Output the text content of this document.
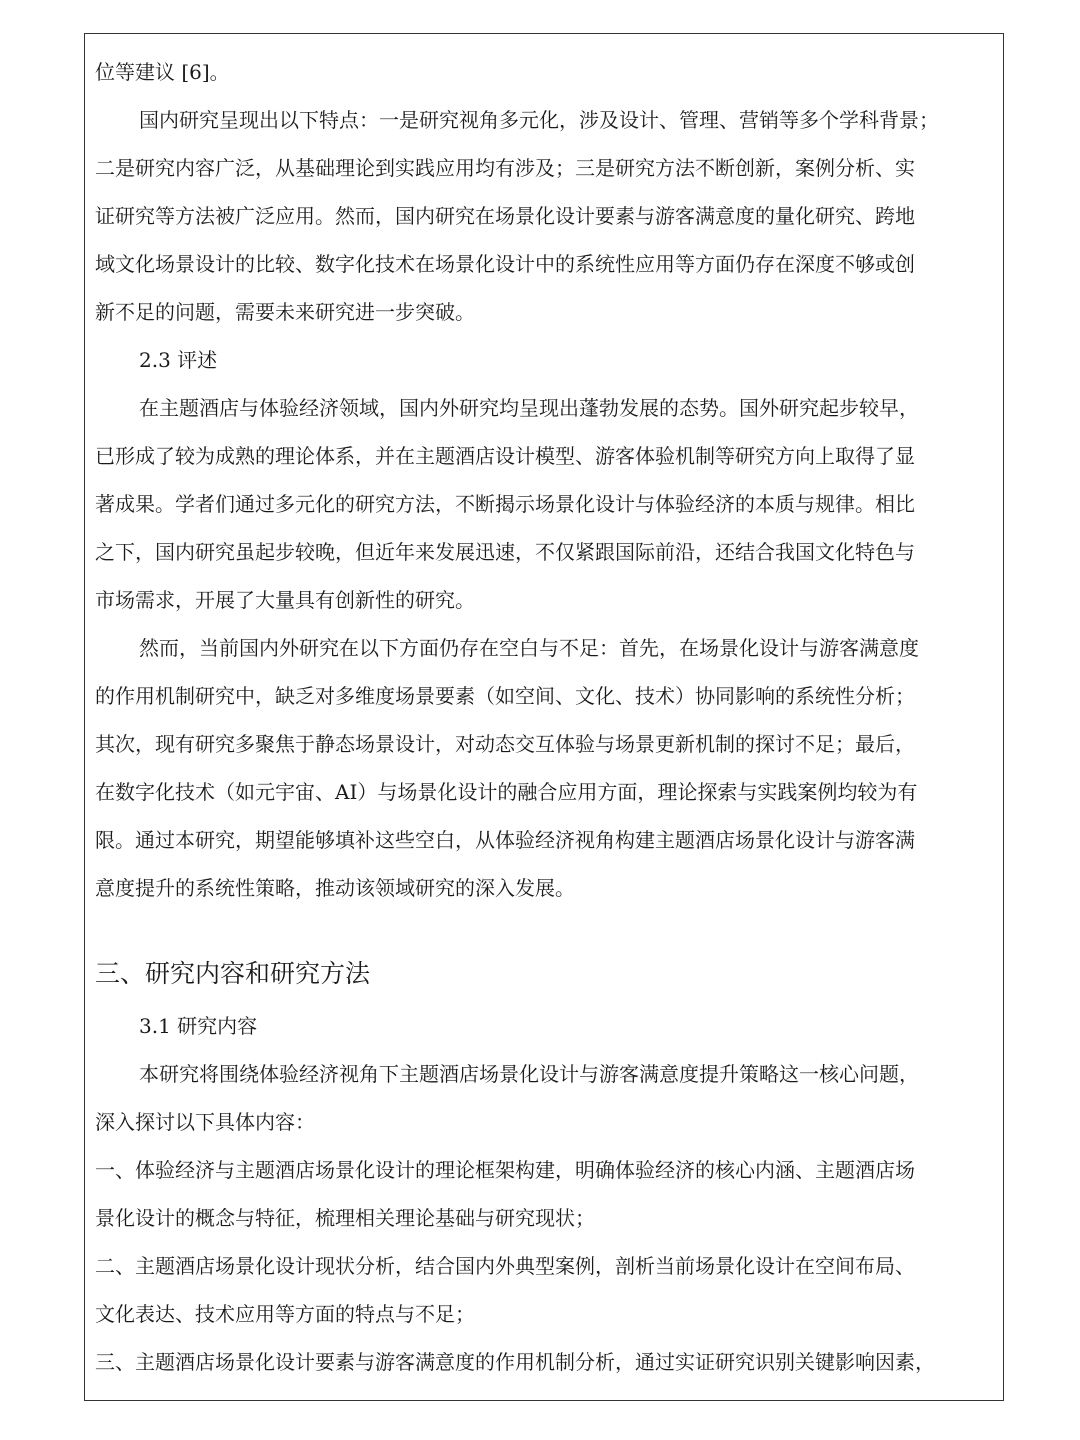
位等建议 [6]。
国内研究呈现出以下特点：一是研究视角多元化，涉及设计、管理、营销等多个学科背景；
二是研究内容广泛，从基础理论到实践应用均有涉及；三是研究方法不断创新，案例分析、实
证研究等方法被广泛应用。然而，国内研究在场景化设计要素与游客满意度的量化研究、跨地
域文化场景设计的比较、数字化技术在场景化设计中的系统性应用等方面仍存在深度不够或创
新不足的问题，需要未来研究进一步突破。
2.3 评述
在主题酒店与体验经济领域，国内外研究均呈现出蓬勃发展的态势。国外研究起步较早，
已形成了较为成熟的理论体系，并在主题酒店设计模型、游客体验机制等研究方向上取得了显
著成果。学者们通过多元化的研究方法，不断揭示场景化设计与体验经济的本质与规律。相比
之下，国内研究虽起步较晚，但近年来发展迅速，不仅紧跟国际前沿，还结合我国文化特色与
市场需求，开展了大量具有创新性的研究。
然而，当前国内外研究在以下方面仍存在空白与不足：首先，在场景化设计与游客满意度
的作用机制研究中，缺乏对多维度场景要素（如空间、文化、技术）协同影响的系统性分析；
其次，现有研究多聚焦于静态场景设计，对动态交互体验与场景更新机制的探讨不足；最后，
在数字化技术（如元宇宙、AI）与场景化设计的融合应用方面，理论探索与实践案例均较为有
限。通过本研究，期望能够填补这些空白，从体验经济视角构建主题酒店场景化设计与游客满
意度提升的系统性策略，推动该领域研究的深入发展。
三、研究内容和研究方法
3.1 研究内容
本研究将围绕体验经济视角下主题酒店场景化设计与游客满意度提升策略这一核心问题，
深入探讨以下具体内容：
一、体验经济与主题酒店场景化设计的理论框架构建，明确体验经济的核心内涵、主题酒店场
景化设计的概念与特征，梳理相关理论基础与研究现状；
二、主题酒店场景化设计现状分析，结合国内外典型案例，剖析当前场景化设计在空间布局、
文化表达、技术应用等方面的特点与不足；
三、主题酒店场景化设计要素与游客满意度的作用机制分析，通过实证研究识别关键影响因素，
